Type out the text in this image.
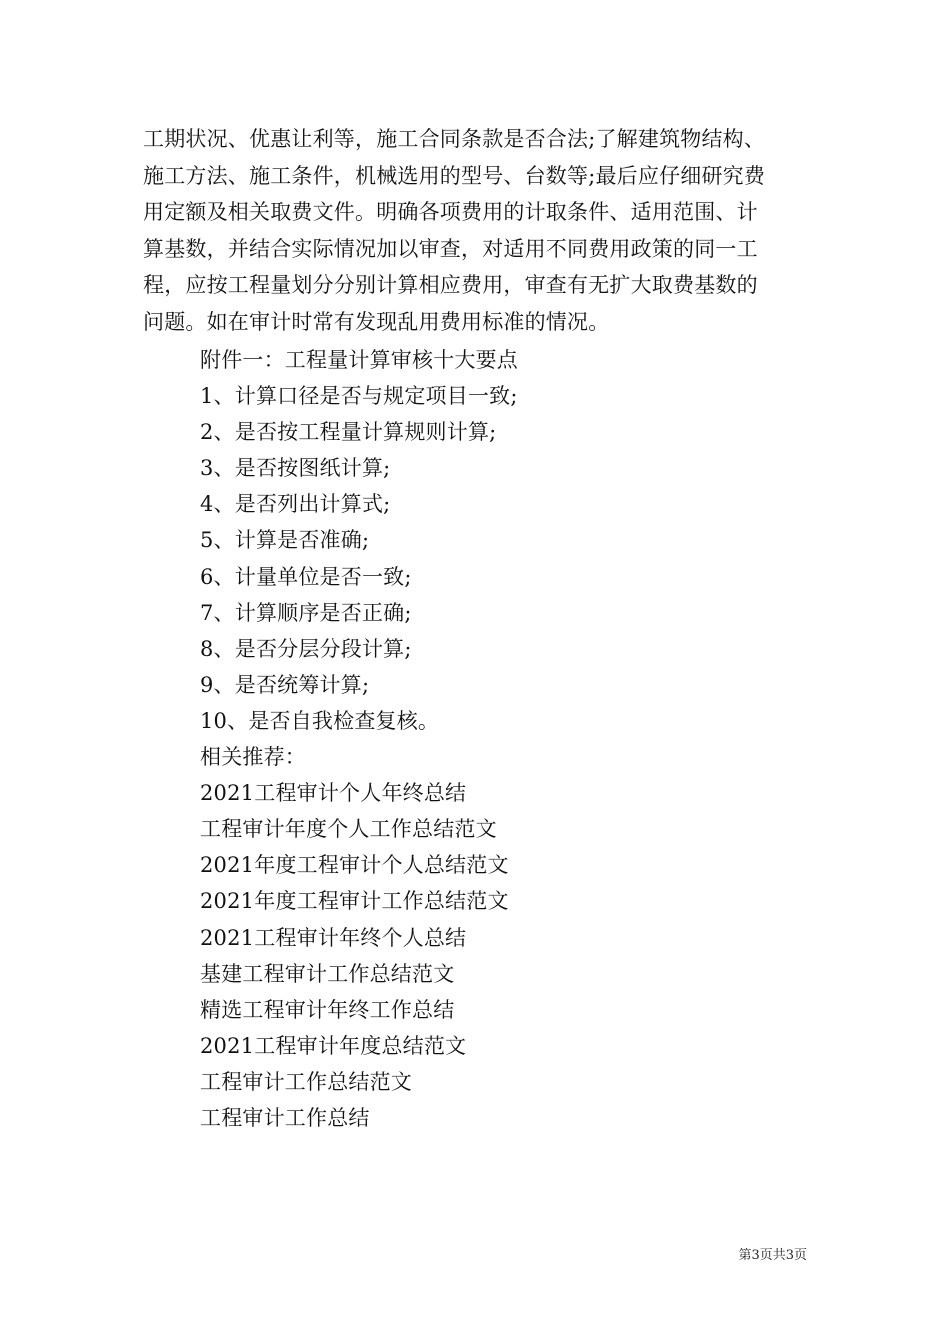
工期状况、优惠让利等，施工合同条款是否合法;了解建筑物结构、
施工方法、施工条件，机械选用的型号、台数等;最后应仔细研究费
用定额及相关取费文件。明确各项费用的计取条件、适用范围、计
算基数，并结合实际情况加以审查，对适用不同费用政策的同一工
程，应按工程量划分分别计算相应费用，审查有无扩大取费基数的
问题。如在审计时常有发现乱用费用标准的情况。
附件一：工程量计算审核十大要点
1、计算口径是否与规定项目一致;
2、是否按工程量计算规则计算;
3、是否按图纸计算;
4、是否列出计算式;
5、计算是否准确;
6、计量单位是否一致;
7、计算顺序是否正确;
8、是否分层分段计算;
9、是否统筹计算;
10、是否自我检查复核。
相关推荐：
2021工程审计个人年终总结
工程审计年度个人工作总结范文
2021年度工程审计个人总结范文
2021年度工程审计工作总结范文
2021工程审计年终个人总结
基建工程审计工作总结范文
精选工程审计年终工作总结
2021工程审计年度总结范文
工程审计工作总结范文
工程审计工作总结
第3页共3页
